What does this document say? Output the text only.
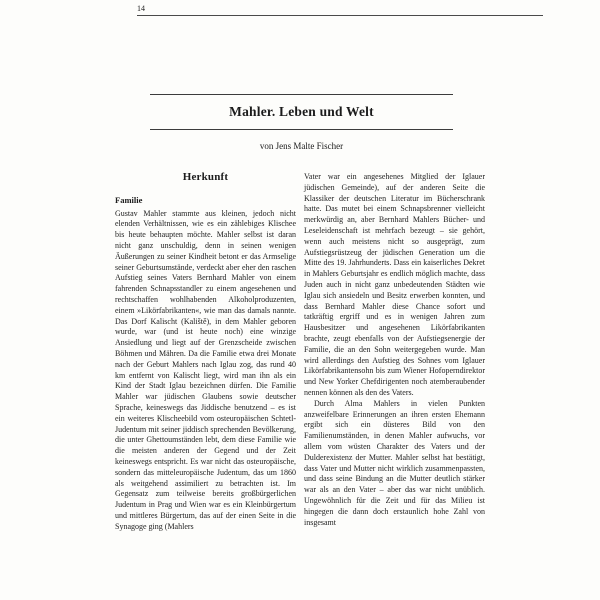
14
Mahler. Leben und Welt
von Jens Malte Fischer
Herkunft
Familie

Gustav Mahler stammte aus kleinen, jedoch nicht elenden Verhältnissen, wie es ein zählebiges Klischee bis heute behaupten möchte. Mahler selbst ist daran nicht ganz unschuldig, denn in seinen wenigen Äußerungen zu seiner Kindheit betont er das Armselige seiner Geburtsumstände, verdeckt aber eher den raschen Aufstieg seines Vaters Bernhard Mahler von einem fahrenden Schnapsstandler zu einem angesehenen und rechtschaffen wohlhabenden Alkoholproduzenten, einem »Likörfabrikanten«, wie man das damals nannte. Das Dorf Kalischt (Kaliště), in dem Mahler geboren wurde, war (und ist heute noch) eine winzige Ansiedlung und liegt auf der Grenzscheide zwischen Böhmen und Mähren. Da die Familie etwa drei Monate nach der Geburt Mahlers nach Iglau zog, das rund 40 km entfernt von Kalischt liegt, wird man ihn als ein Kind der Stadt Iglau bezeichnen dürfen. Die Familie Mahler war jüdischen Glaubens sowie deutscher Sprache, keineswegs das Jiddische benutzend – es ist ein weiteres Klischeebild vom osteuropäischen Schtetl-Judentum mit seiner jiddisch sprechenden Bevölkerung, die unter Ghettoumständen lebt, dem diese Familie wie die meisten anderen der Gegend und der Zeit keineswegs entspricht. Es war nicht das osteuropäische, sondern das mitteleuropäische Judentum, das um 1860 als weitgehend assimiliert zu betrachten ist. Im Gegensatz zum teilweise bereits großbürgerlichen Judentum in Prag und Wien war es ein Kleinbürgertum und mittleres Bürgertum, das auf der einen Seite in die Synagoge ging (Mahlers

Vater war ein angesehenes Mitglied der Iglauer jüdischen Gemeinde), auf der anderen Seite die Klassiker der deutschen Literatur im Bücherschrank hatte. Das mutet bei einem Schnapsbrenner vielleicht merkwürdig an, aber Bernhard Mahlers Bücher- und Leseleidenschaft ist mehrfach bezeugt – sie gehört, wenn auch meistens nicht so ausgeprägt, zum Aufstiegsrüstzeug der jüdischen Generation um die Mitte des 19. Jahrhunderts. Dass ein kaiserliches Dekret in Mahlers Geburtsjahr es endlich möglich machte, dass Juden auch in nicht ganz unbedeutenden Städten wie Iglau sich ansiedeln und Besitz erwerben konnten, und dass Bernhard Mahler diese Chance sofort und tatkräftig ergriff und es in wenigen Jahren zum Hausbesitzer und angesehenen Likörfabrikanten brachte, zeugt ebenfalls von der Aufstiegsenergie der Familie, die an den Sohn weitergegeben wurde. Man wird allerdings den Aufstieg des Sohnes vom Iglauer Likörfabrikantensohn bis zum Wiener Hofoperndirektor und New Yorker Chefdirigenten noch atemberaubender nennen können als den des Vaters.

Durch Alma Mahlers in vielen Punkten anzweifelbare Erinnerungen an ihren ersten Ehemann ergibt sich ein düsteres Bild von den Familienumständen, in denen Mahler aufwuchs, vor allem vom wüsten Charakter des Vaters und der Dulderexistenz der Mutter. Mahler selbst hat bestätigt, dass Vater und Mutter nicht wirklich zusammenpassten, und dass seine Bindung an die Mutter deutlich stärker war als an den Vater – aber das war nicht unüblich. Ungewöhnlich für die Zeit und für das Milieu ist hingegen die dann doch erstaunlich hohe Zahl von insgesamt
